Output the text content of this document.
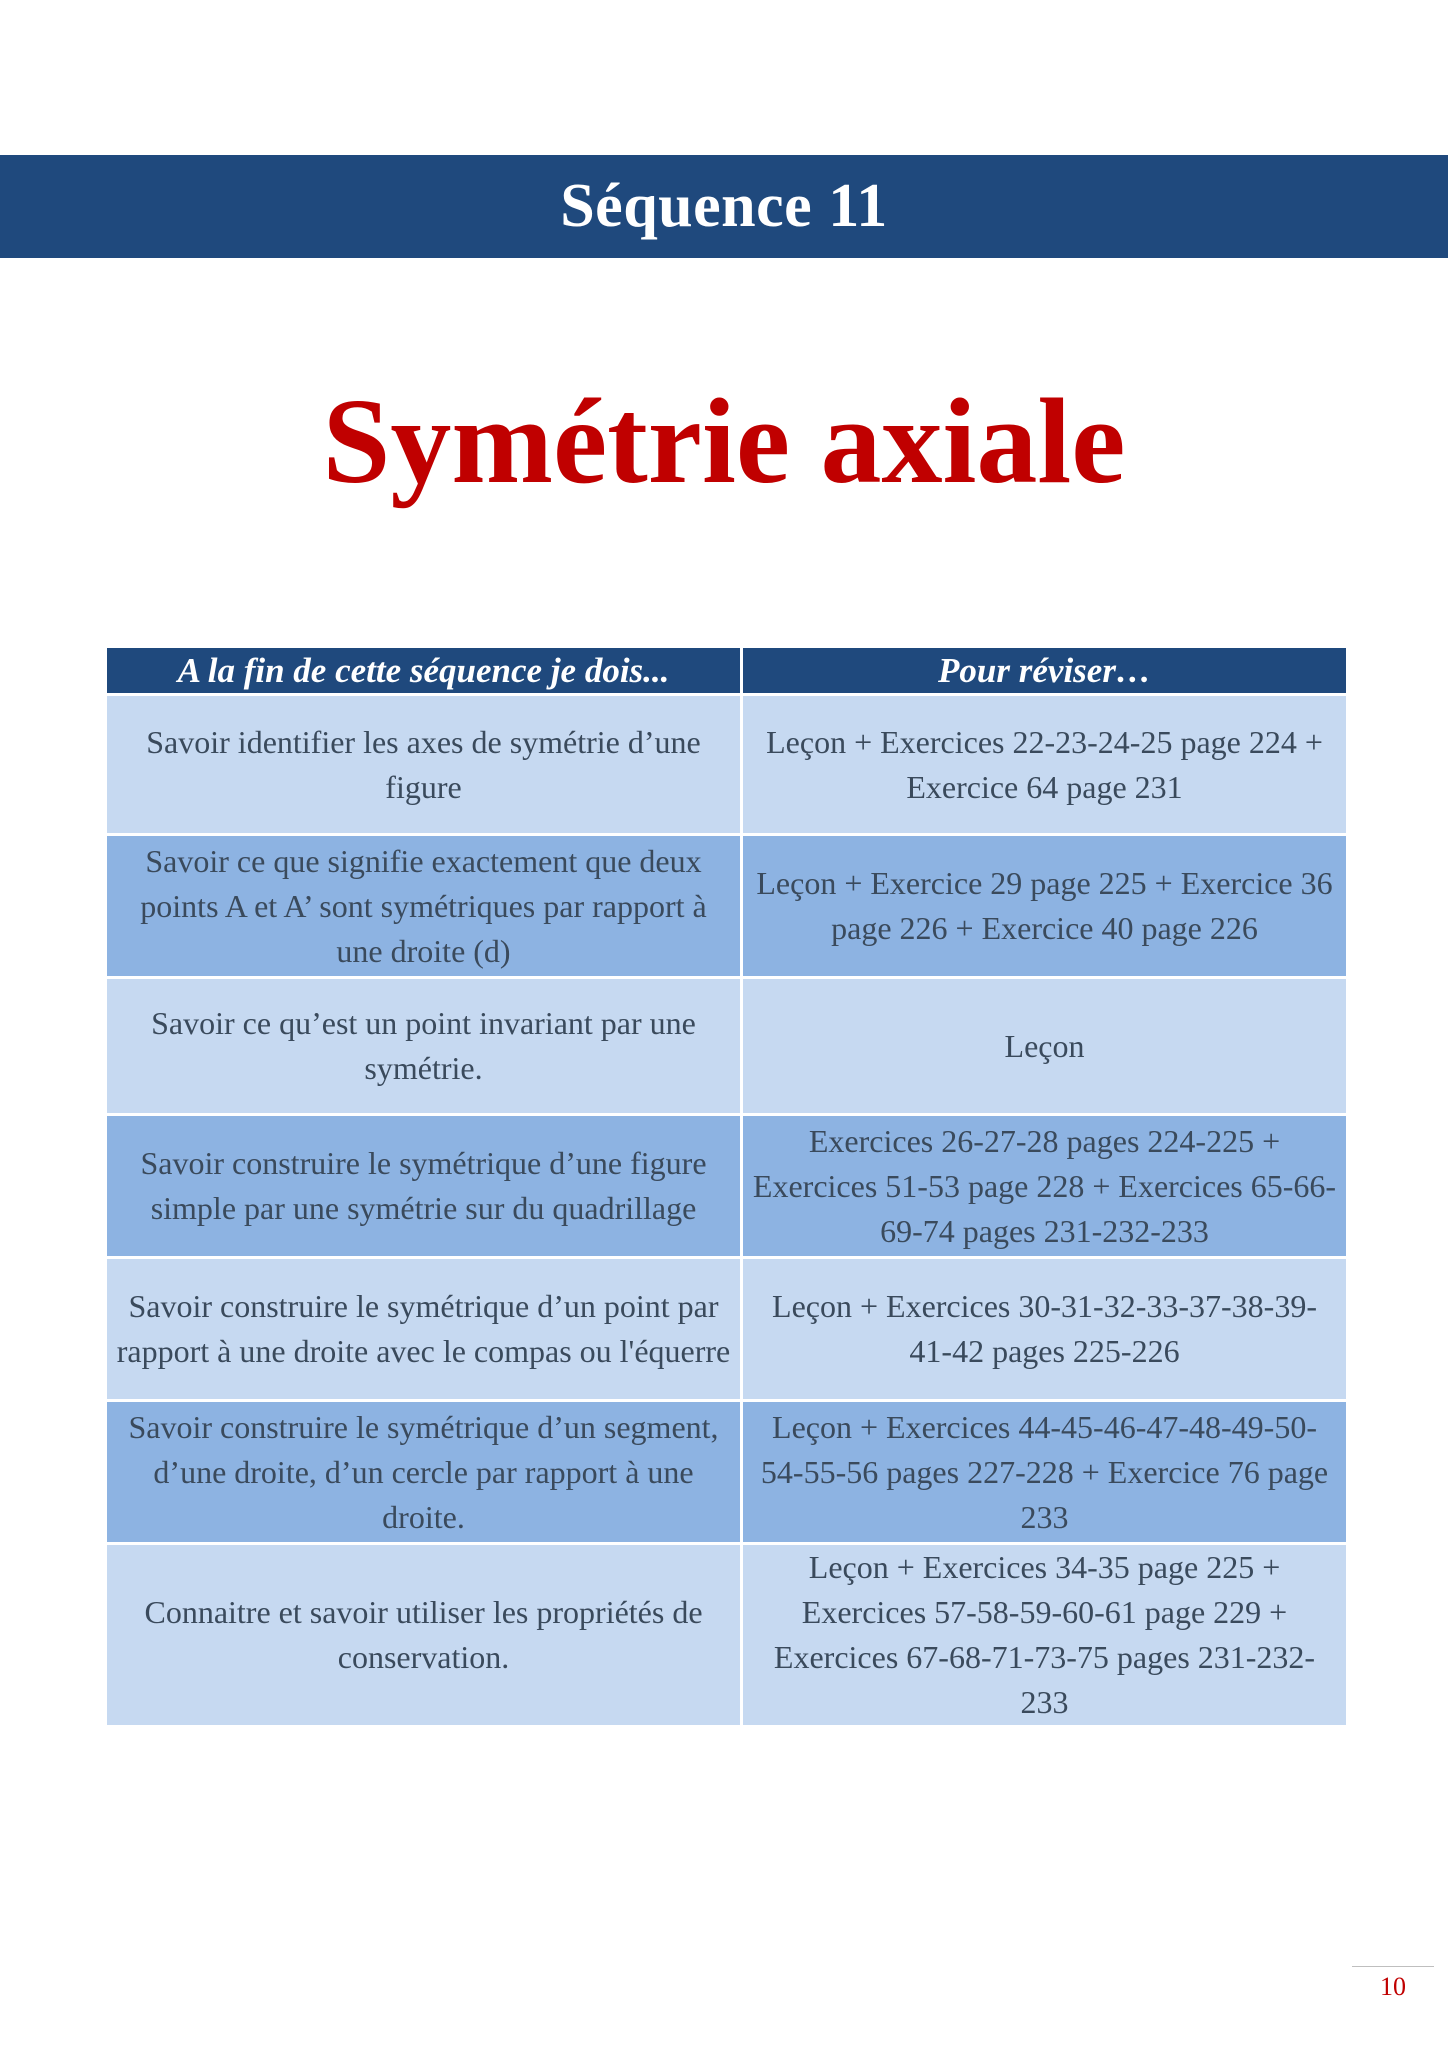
Séquence 11
Symétrie axiale
A la fin de cette séquence je dois...	Pour réviser…
Savoir identifier les axes de symétrie d’une figure	Leçon + Exercices 22-23-24-25 page 224 + Exercice 64 page 231
Savoir ce que signifie exactement que deux points A et A’ sont symétriques par rapport à une droite (d)	Leçon + Exercice 29 page 225 + Exercice 36 page 226 + Exercice 40 page 226
Savoir ce qu’est un point invariant par une symétrie.	Leçon
Savoir construire le symétrique d’une figure simple par une symétrie sur du quadrillage	Exercices 26-27-28 pages 224-225 + Exercices 51-53 page 228 + Exercices 65-66-69-74 pages 231-232-233
Savoir construire le symétrique d’un point par rapport à une droite avec le compas ou l'équerre	Leçon + Exercices 30-31-32-33-37-38-39-41-42 pages 225-226
Savoir construire le symétrique d’un segment, d’une droite, d’un cercle par rapport à une droite.	Leçon + Exercices 44-45-46-47-48-49-50-54-55-56 pages 227-228 + Exercice 76 page 233
Connaitre et savoir utiliser les propriétés de conservation.	Leçon + Exercices 34-35 page 225 + Exercices 57-58-59-60-61 page 229 + Exercices 67-68-71-73-75 pages 231-232-233
10
